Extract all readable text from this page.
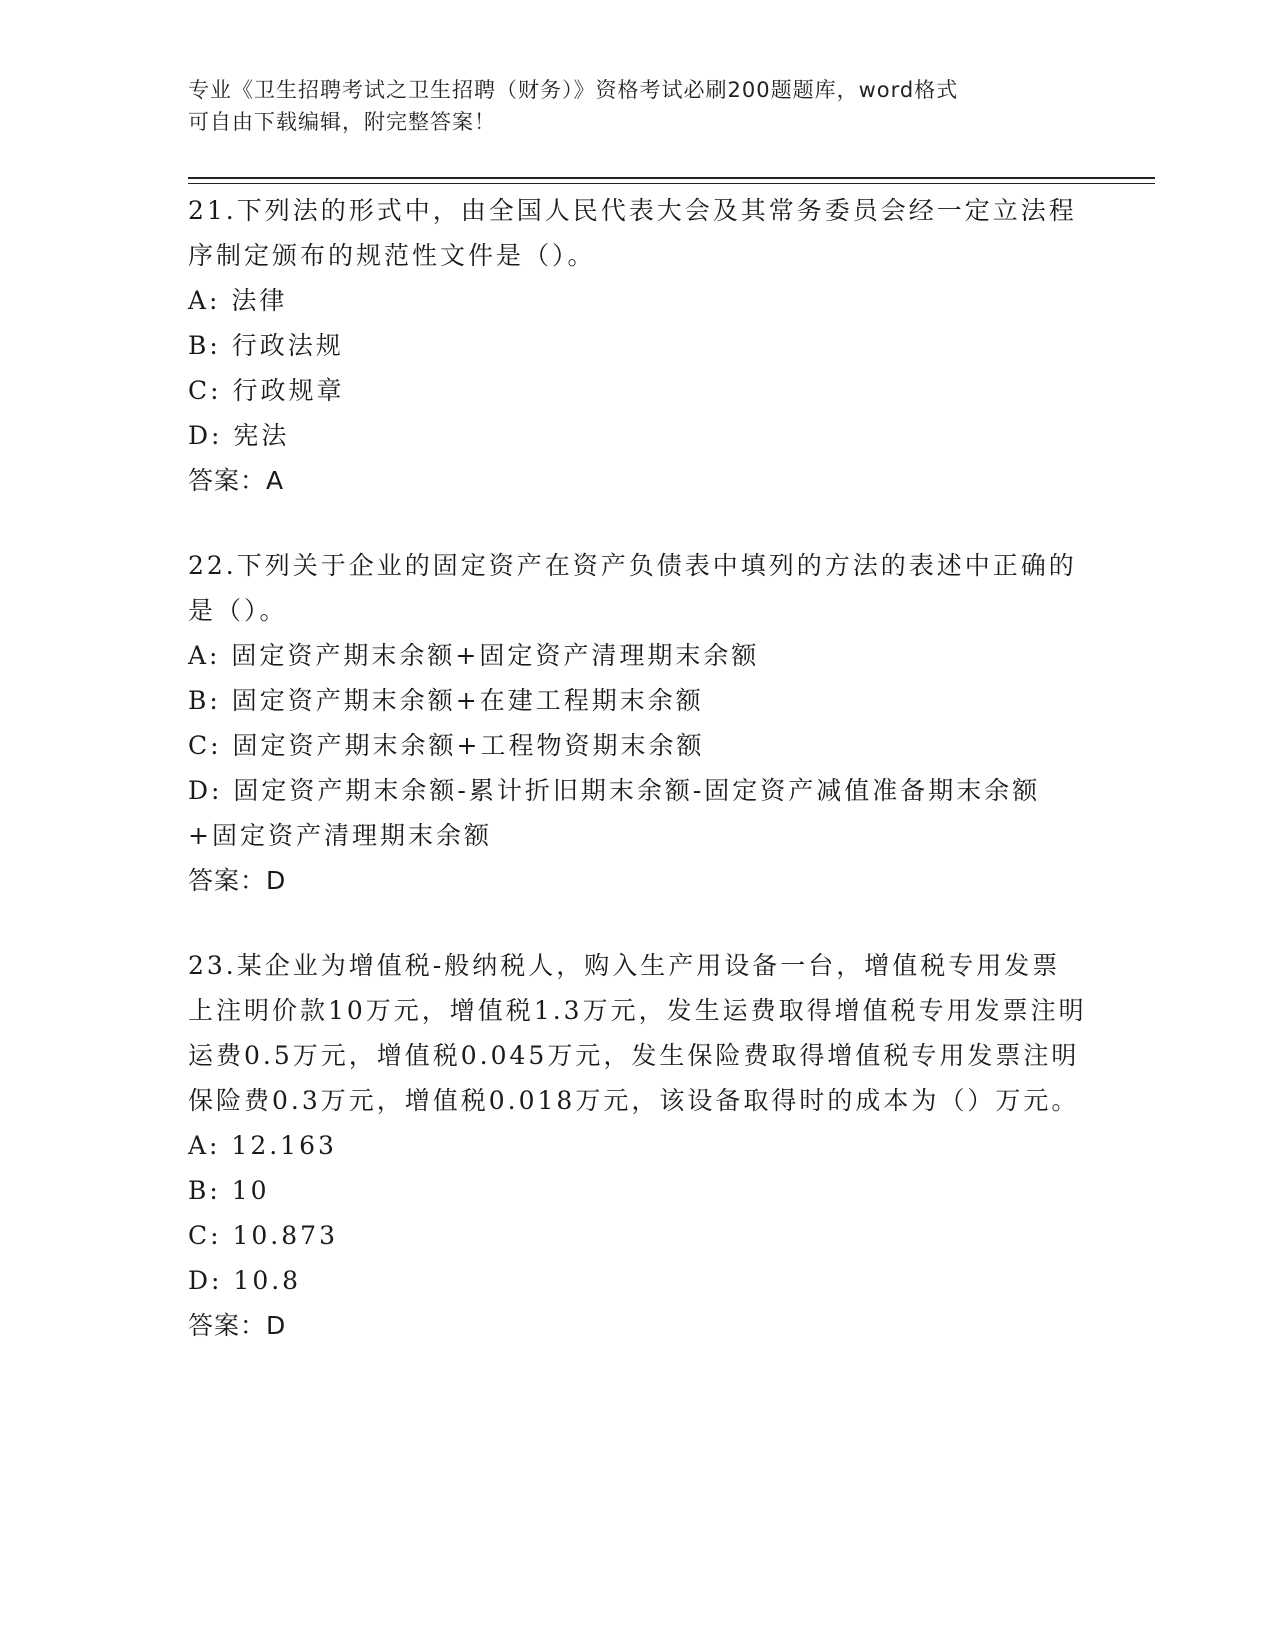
专业《卫生招聘考试之卫生招聘（财务）》资格考试必刷200题题库，word格式
可自由下载编辑，附完整答案！

21.下列法的形式中，由全国人民代表大会及其常务委员会经一定立法程序制定颁布的规范性文件是（）。

A: 法律

B: 行政法规

C: 行政规章

D: 宪法

答案：A

22.下列关于企业的固定资产在资产负债表中填列的方法的表述中正确的是（）。

A: 固定资产期末余额+固定资产清理期末余额

B: 固定资产期末余额+在建工程期末余额

C: 固定资产期末余额+工程物资期末余额

D: 固定资产期末余额-累计折旧期末余额-固定资产减值准备期末余额+固定资产清理期末余额

答案：D

23.某企业为增值税-般纳税人，购入生产用设备一台，增值税专用发票上注明价款10万元，增值税1.3万元，发生运费取得增值税专用发票注明运费0.5万元，增值税0.045万元，发生保险费取得增值税专用发票注明保险费0.3万元，增值税0.018万元，该设备取得时的成本为（）万元。

A: 12.163

B: 10

C: 10.873

D: 10.8

答案：D
